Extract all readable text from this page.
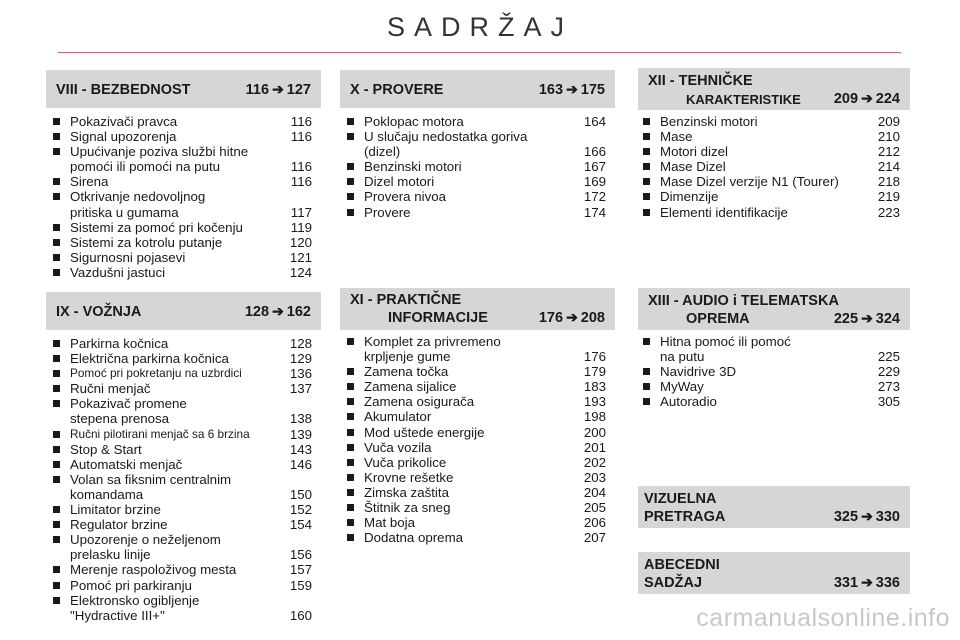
SADRŽAJ
VIII - BEZBEDNOST	116 ➔ 127
Pokazivači pravca	116
Signal upozorenja	116
Upućivanje poziva službi hitne
pomoći ili pomoći na putu	116
Sirena	116
Otkrivanje nedovoljnog
pritiska u gumama	117
Sistemi za pomoć pri kočenju	119
Sistemi za kotrolu putanje	120
Sigurnosni pojasevi	121
Vazdušni jastuci	124
IX - VOŽNJA	128 ➔ 162
Parkirna kočnica	128
Električna parkirna kočnica	129
Pomoć pri pokretanju na uzbrdici	136
Ručni menjač	137
Pokazivač promene
stepena prenosa	138
Ručni pilotirani menjač sa 6 brzina	139
Stop & Start	143
Automatski menjač	146
Volan sa fiksnim centralnim
komandama	150
Limitator brzine	152
Regulator brzine	154
Upozorenje o neželjenom
prelasku linije	156
Merenje raspoloživog mesta	157
Pomoć pri parkiranju	159
Elektronsko ogibljenje
"Hydractive III+"	160
X - PROVERE	163 ➔ 175
Poklopac motora	164
U slučaju nedostatka goriva
(dizel)	166
Benzinski motori	167
Dizel motori	169
Provera nivoa	172
Provere	174
XI - PRAKTIČNE
INFORMACIJE	176 ➔ 208
Komplet za privremeno
krpljenje gume	176
Zamena točka	179
Zamena sijalice	183
Zamena osigurača	193
Akumulator	198
Mod uštede energije	200
Vuča vozila	201
Vuča prikolice	202
Krovne rešetke	203
Zimska zaštita	204
Štitnik za sneg	205
Mat boja	206
Dodatna oprema	207
XII - TEHNIČKE
KARAKTERISTIKE 209 ➔ 224
Benzinski motori	209
Mase	210
Motori dizel	212
Mase Dizel	214
Mase Dizel verzije N1 (Tourer)	218
Dimenzije	219
Elementi identifikacije	223
XIII - AUDIO i TELEMATSKA
OPREMA	225 ➔ 324
Hitna pomoć ili pomoć
na putu	225
Navidrive 3D	229
MyWay	273
Autoradio	305
VIZUELNA
PRETRAGA	325 ➔ 330
ABECEDNI
SADŽAJ	331 ➔ 336
carmanualsonline.info
